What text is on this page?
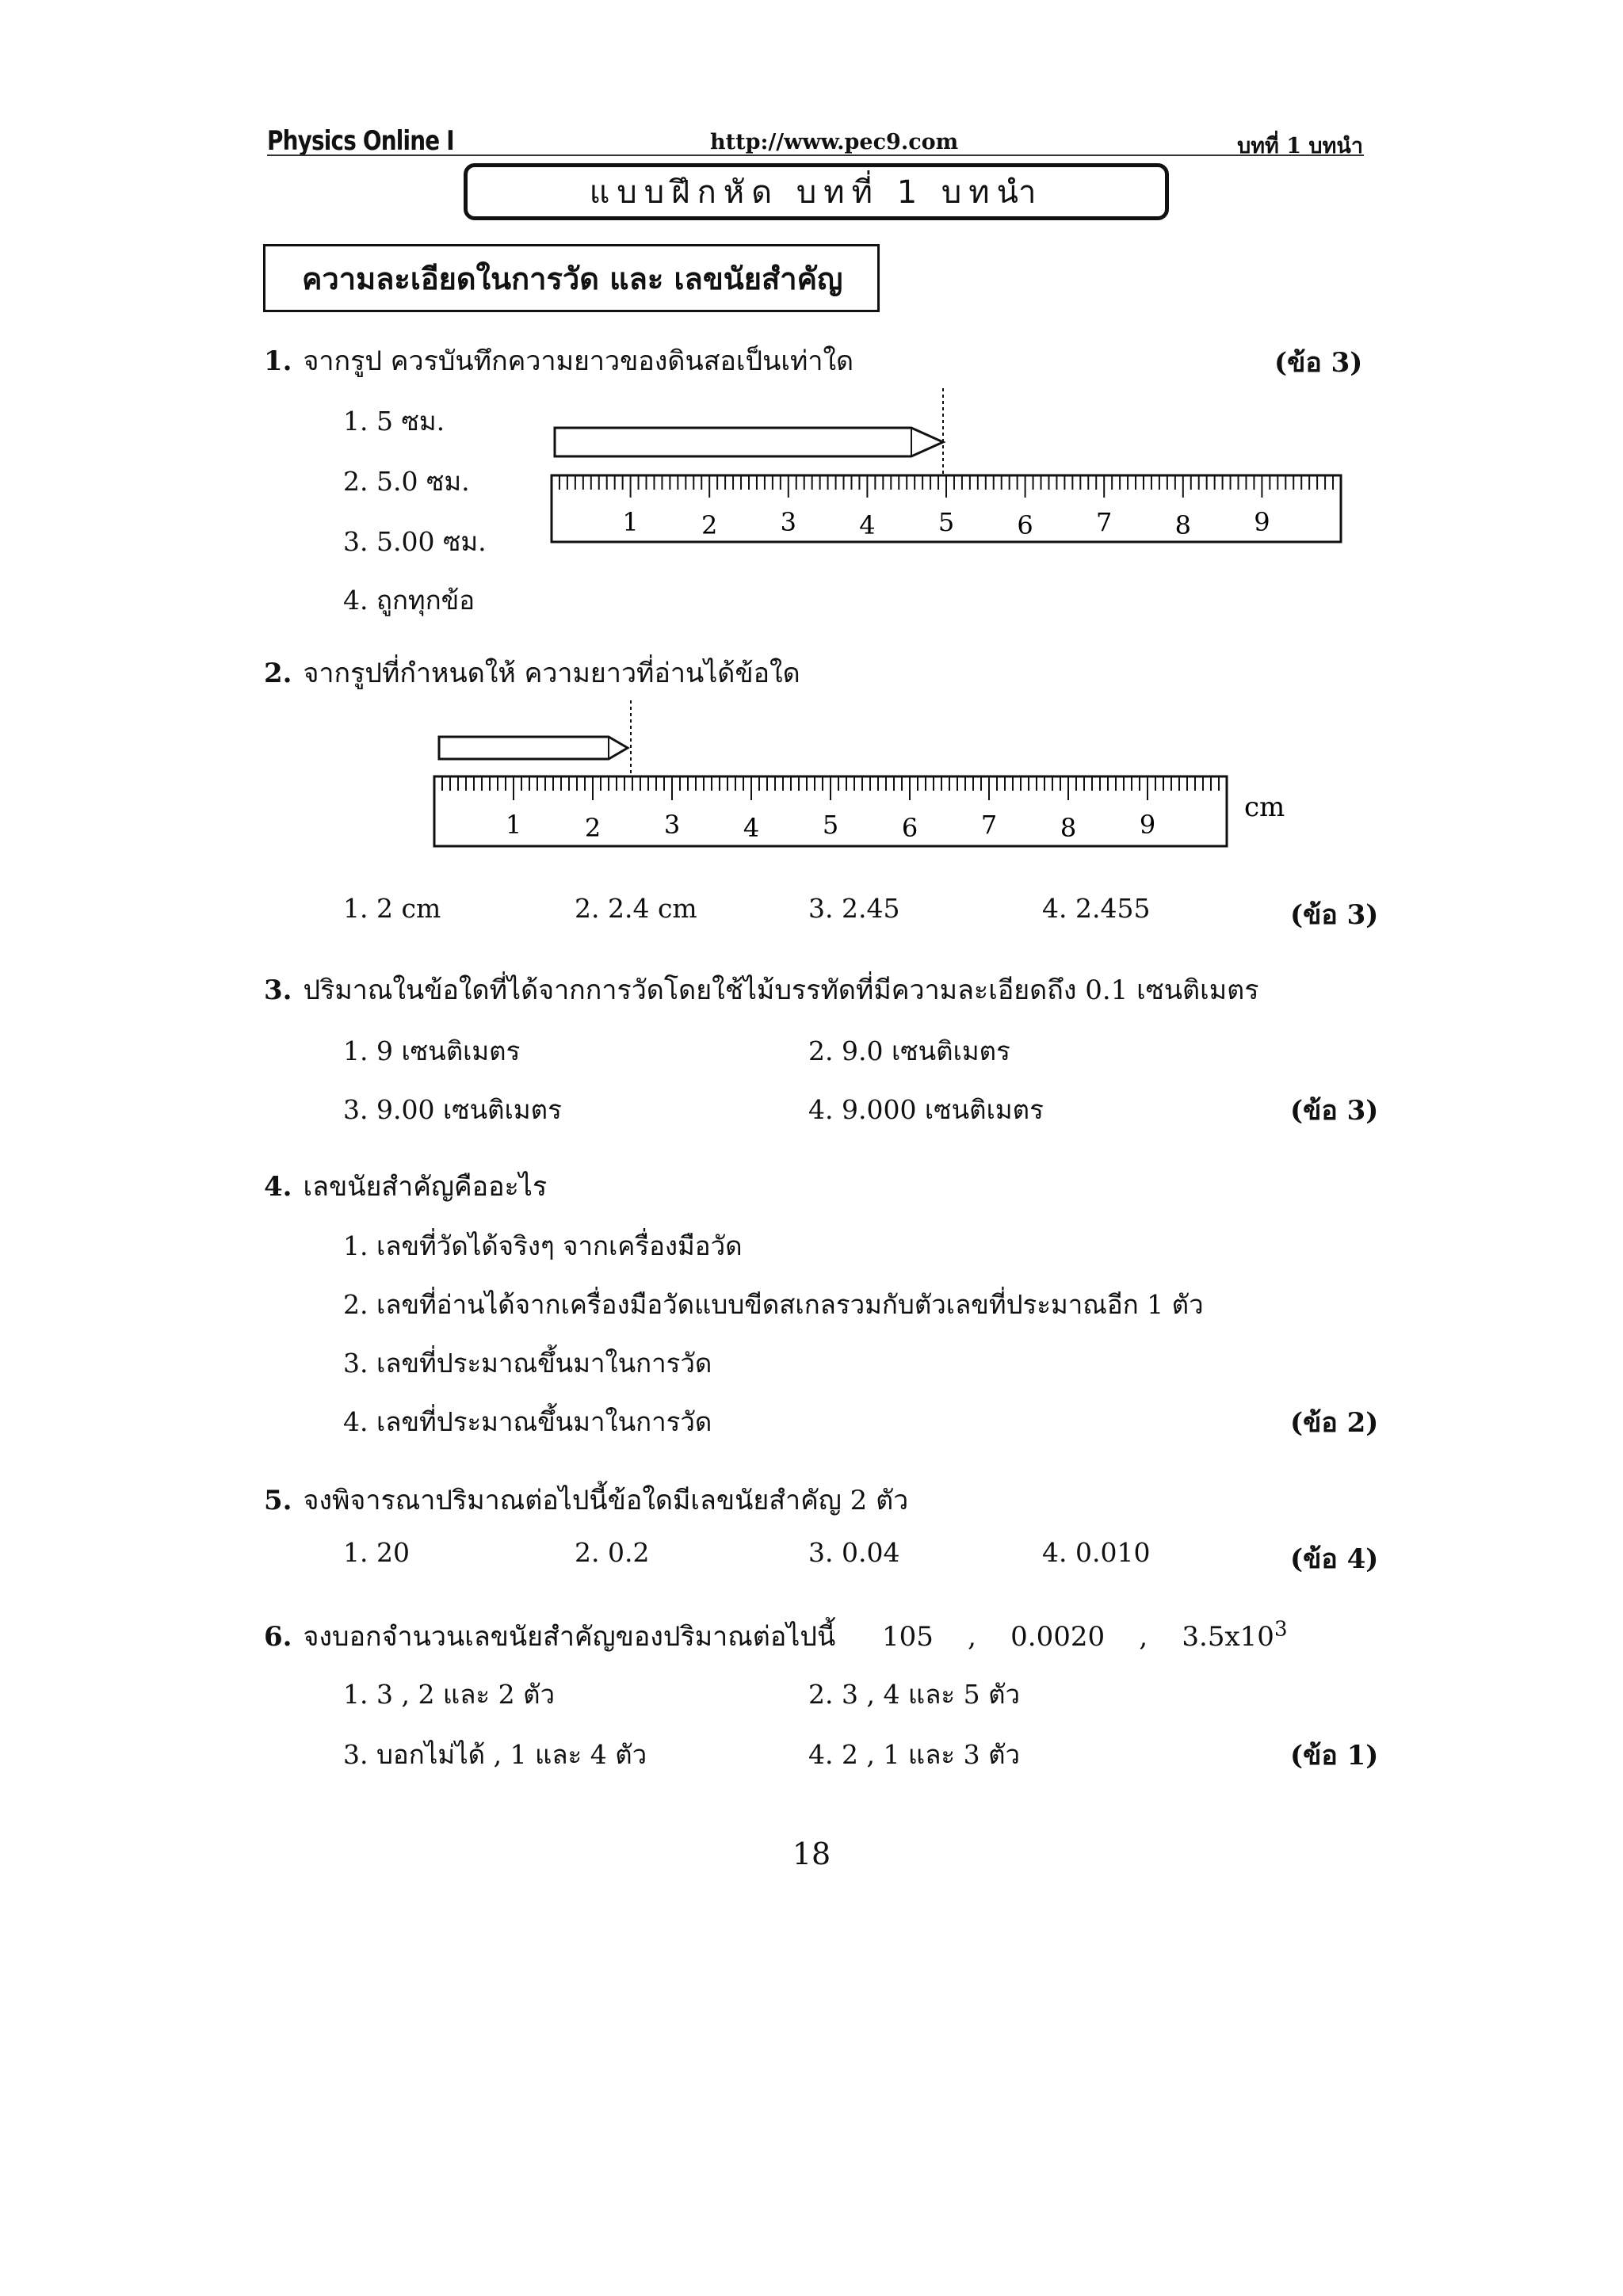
Physics Online I	http://www.pec9.com	บทที่ 1 บทนำ
แบบฝึกหัด บทที่ 1 บทนำ
ความละเอียดในการวัด และ เลขนัยสำคัญ
1. จากรูป ควรบันทึกความยาวของดินสอเป็นเท่าใด	(ข้อ 3)
1. 5 ซม.
2. 5.0 ซม.
3. 5.00 ซม.
4. ถูกทุกข้อ
1 2 3 4 5 6 7 8 9
2. จากรูปที่กำหนดให้ ความยาวที่อ่านได้ข้อใด
1 2 3 4 5 6 7 8 9
cm
1. 2 cm	2. 2.4 cm	3. 2.45	4. 2.455	(ข้อ 3)
3. ปริมาณในข้อใดที่ได้จากการวัดโดยใช้ไม้บรรทัดที่มีความละเอียดถึง 0.1 เซนติเมตร
1. 9 เซนติเมตร	2. 9.0 เซนติเมตร
3. 9.00 เซนติเมตร	4. 9.000 เซนติเมตร	(ข้อ 3)
4. เลขนัยสำคัญคืออะไร
1. เลขที่วัดได้จริงๆ จากเครื่องมือวัด
2. เลขที่อ่านได้จากเครื่องมือวัดแบบขีดสเกลรวมกับตัวเลขที่ประมาณอีก 1 ตัว
3. เลขที่ประมาณขึ้นมาในการวัด
4. เลขที่ประมาณขึ้นมาในการวัด	(ข้อ 2)
5. จงพิจารณาปริมาณต่อไปนี้ข้อใดมีเลขนัยสำคัญ 2 ตัว
1. 20	2. 0.2	3. 0.04	4. 0.010	(ข้อ 4)
6. จงบอกจำนวนเลขนัยสำคัญของปริมาณต่อไปนี้ 105    ,    0.0020    ,    $3.5x10^3$
1. 3 , 2 และ 2 ตัว	2. 3 , 4 และ 5 ตัว
3. บอกไม่ได้ , 1 และ 4 ตัว	4. 2 , 1 และ 3 ตัว	(ข้อ 1)
18
